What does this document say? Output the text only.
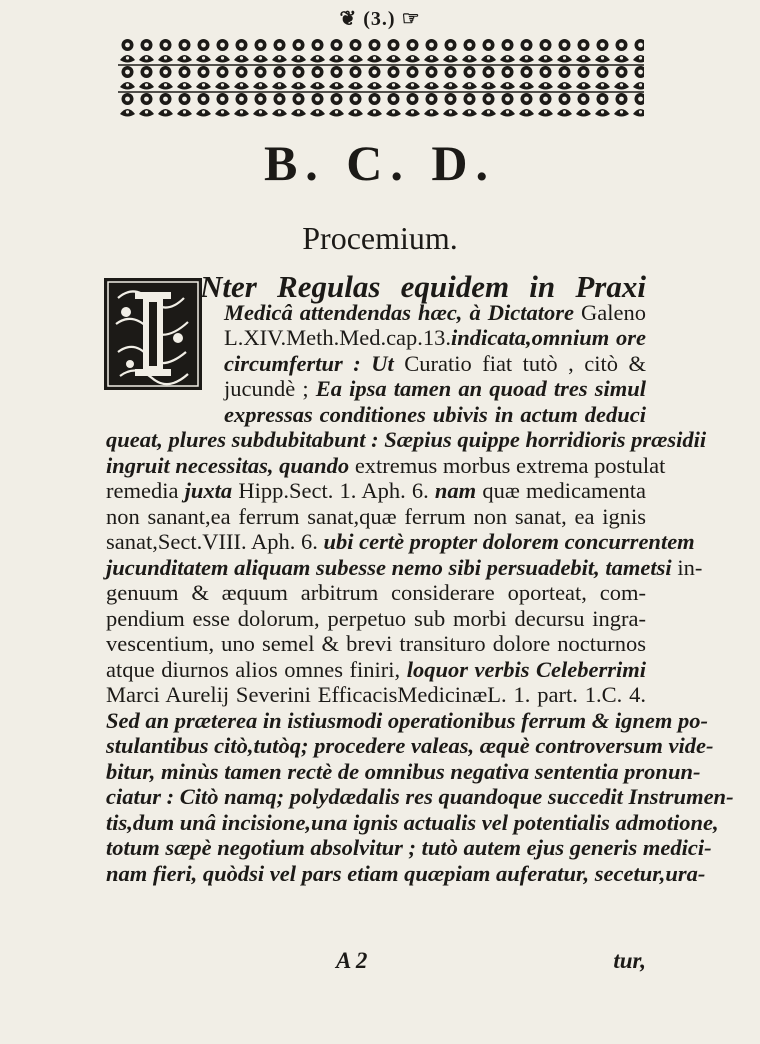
❦ (3.) ☞
B. C. D.
Procemium.
Nter Regulas equidem in Praxi
Medicâ attendendas hæc, à Dictatore Galeno
L.XIV.Meth.Med.cap.13.indicata,omnium ore
circumfertur : Ut Curatio fiat tutò , citò &
jucundè ; Ea ipsa tamen an quoad tres simul
expressas conditiones ubivis in actum deduci
queat, plures subdubitabunt : Sæpius quippe horridioris præsidii
ingruit necessitas, quando extremus morbus extrema postulat
remedia juxta Hipp.Sect. 1. Aph. 6. nam quæ medicamenta
non sanant,ea ferrum sanat,quæ ferrum non sanat, ea ignis
sanat,Sect.VIII. Aph. 6. ubi certè propter dolorem concurrentem
jucunditatem aliquam subesse nemo sibi persuadebit, tametsi in-
genuum & æquum arbitrum considerare oporteat, com-
pendium esse dolorum, perpetuo sub morbi decursu ingra-
vescentium, uno semel & brevi transituro dolore nocturnos
atque diurnos alios omnes finiri, loquor verbis Celeberrimi
Marci Aurelij Severini EfficacisMedicinæL. 1. part. 1.C. 4.
Sed an præterea in istiusmodi operationibus ferrum & ignem po-
stulantibus citò,tutòq; procedere valeas, æquè controversum vide-
bitur, minùs tamen rectè de omnibus negativa sententia pronun-
ciatur : Citò namq; polydædalis res quandoque succedit Instrumen-
tis,dum unâ incisione,una ignis actualis vel potentialis admotione,
totum sæpè negotium absolvitur ; tutò autem ejus generis medici-
nam fieri, quòdsi vel pars etiam quæpiam auferatur, secetur,ura-
A 2	tur,
